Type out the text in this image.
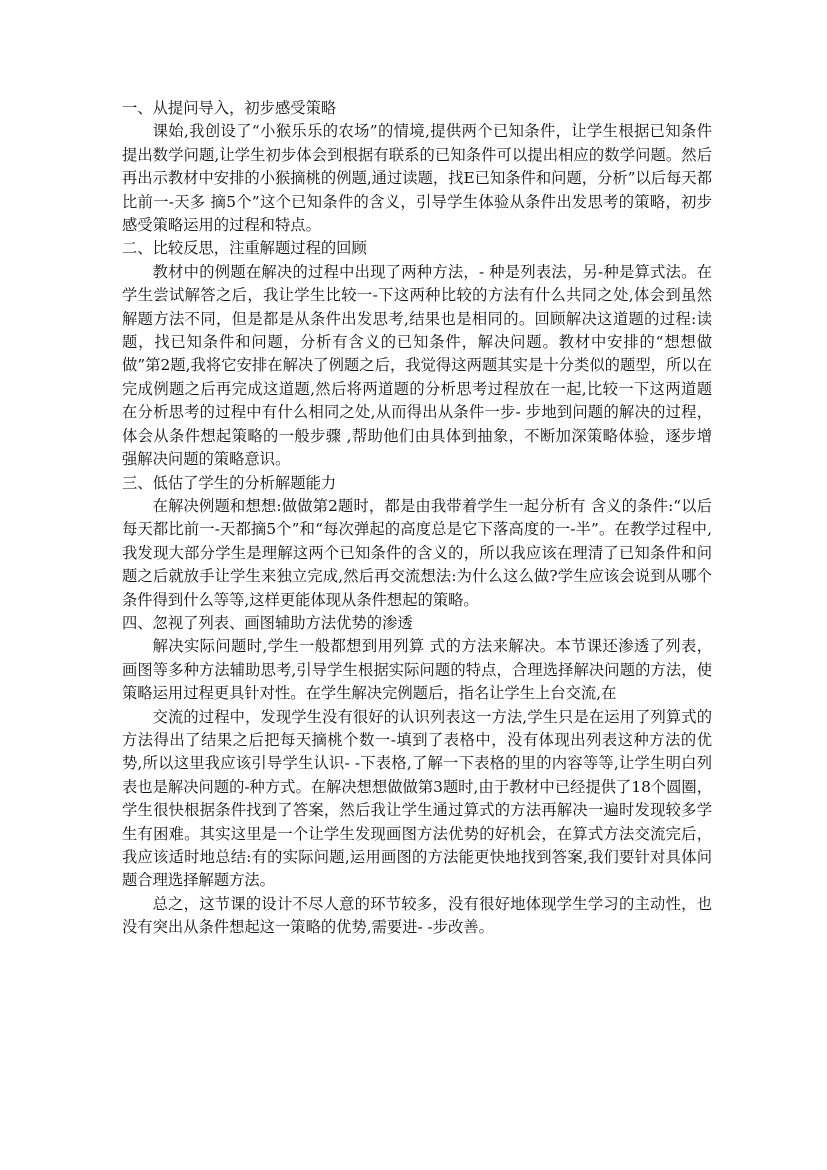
一、从提问导入，初步感受策略

课始,我创设了“小猴乐乐的农场”的情境,提供两个已知条件，让学生根据已知条件提出数学问题,让学生初步体会到根据有联系的已知条件可以提出相应的数学问题。然后再出示教材中安排的小猴摘桃的例题,通过读题，找E已知条件和问题，分析”以后每天都比前一-天多 摘5个”这个已知条件的含义，引导学生体验从条件出发思考的策略，初步感受策略运用的过程和特点。

二、比较反思，注重解题过程的回顾

教材中的例题在解决的过程中出现了两种方法，- 种是列表法，另-种是算式法。在学生尝试解答之后，我让学生比较一-下这两种比较的方法有什么共同之处,体会到虽然解题方法不同，但是都是从条件出发思考,结果也是相同的。回顾解决这道题的过程:读题，找已知条件和问题，分析有含义的已知条件，解决问题。教材中安排的“想想做做”第2题,我将它安排在解决了例题之后，我觉得这两题其实是十分类似的题型，所以在完成例题之后再完成这道题,然后将两道题的分析思考过程放在一起,比较一下这两道题在分析思考的过程中有什么相同之处,从而得出从条件一步- 步地到问题的解决的过程，体会从条件想起策略的一般步骤 ,帮助他们由具体到抽象，不断加深策略体验，逐步增强解决问题的策略意识。

三、低估了学生的分析解题能力

在解决例题和想想:做做第2题时，都是由我带着学生一起分析有 含义的条件:“以后每天都比前一-天都摘5个”和“每次弹起的高度总是它下落高度的一-半”。在教学过程中,我发现大部分学生是理解这两个已知条件的含义的，所以我应该在理清了已知条件和问题之后就放手让学生来独立完成,然后再交流想法:为什么这么做?学生应该会说到从哪个条件得到什么等等,这样更能体现从条件想起的策略。

四、忽视了列表、画图辅助方法优势的渗透

解决实际问题时,学生一般都想到用列算 式的方法来解决。本节课还渗透了列表，画图等多种方法辅助思考,引导学生根据实际问题的特点，合理选择解决问题的方法，使策略运用过程更具针对性。在学生解决完例题后，指名让学生上台交流,在

交流的过程中，发现学生没有很好的认识列表这一方法,学生只是在运用了列算式的方法得出了结果之后把每天摘桃个数一-填到了表格中，没有体现出列表这种方法的优势,所以这里我应该引导学生认识- -下表格,了解一下表格的里的内容等等,让学生明白列表也是解决问题的-种方式。在解决想想做做第3题时,由于教材中已经提供了18个圆圈，学生很快根据条件找到了答案，然后我让学生通过算式的方法再解决一遍时发现较多学生有困难。其实这里是一个让学生发现画图方法优势的好机会，在算式方法交流完后，我应该适时地总结:有的实际问题,运用画图的方法能更快地找到答案,我们要针对具体问题合理选择解题方法。

总之，这节课的设计不尽人意的环节较多，没有很好地体现学生学习的主动性，也没有突出从条件想起这一策略的优势,需要进- -步改善。
